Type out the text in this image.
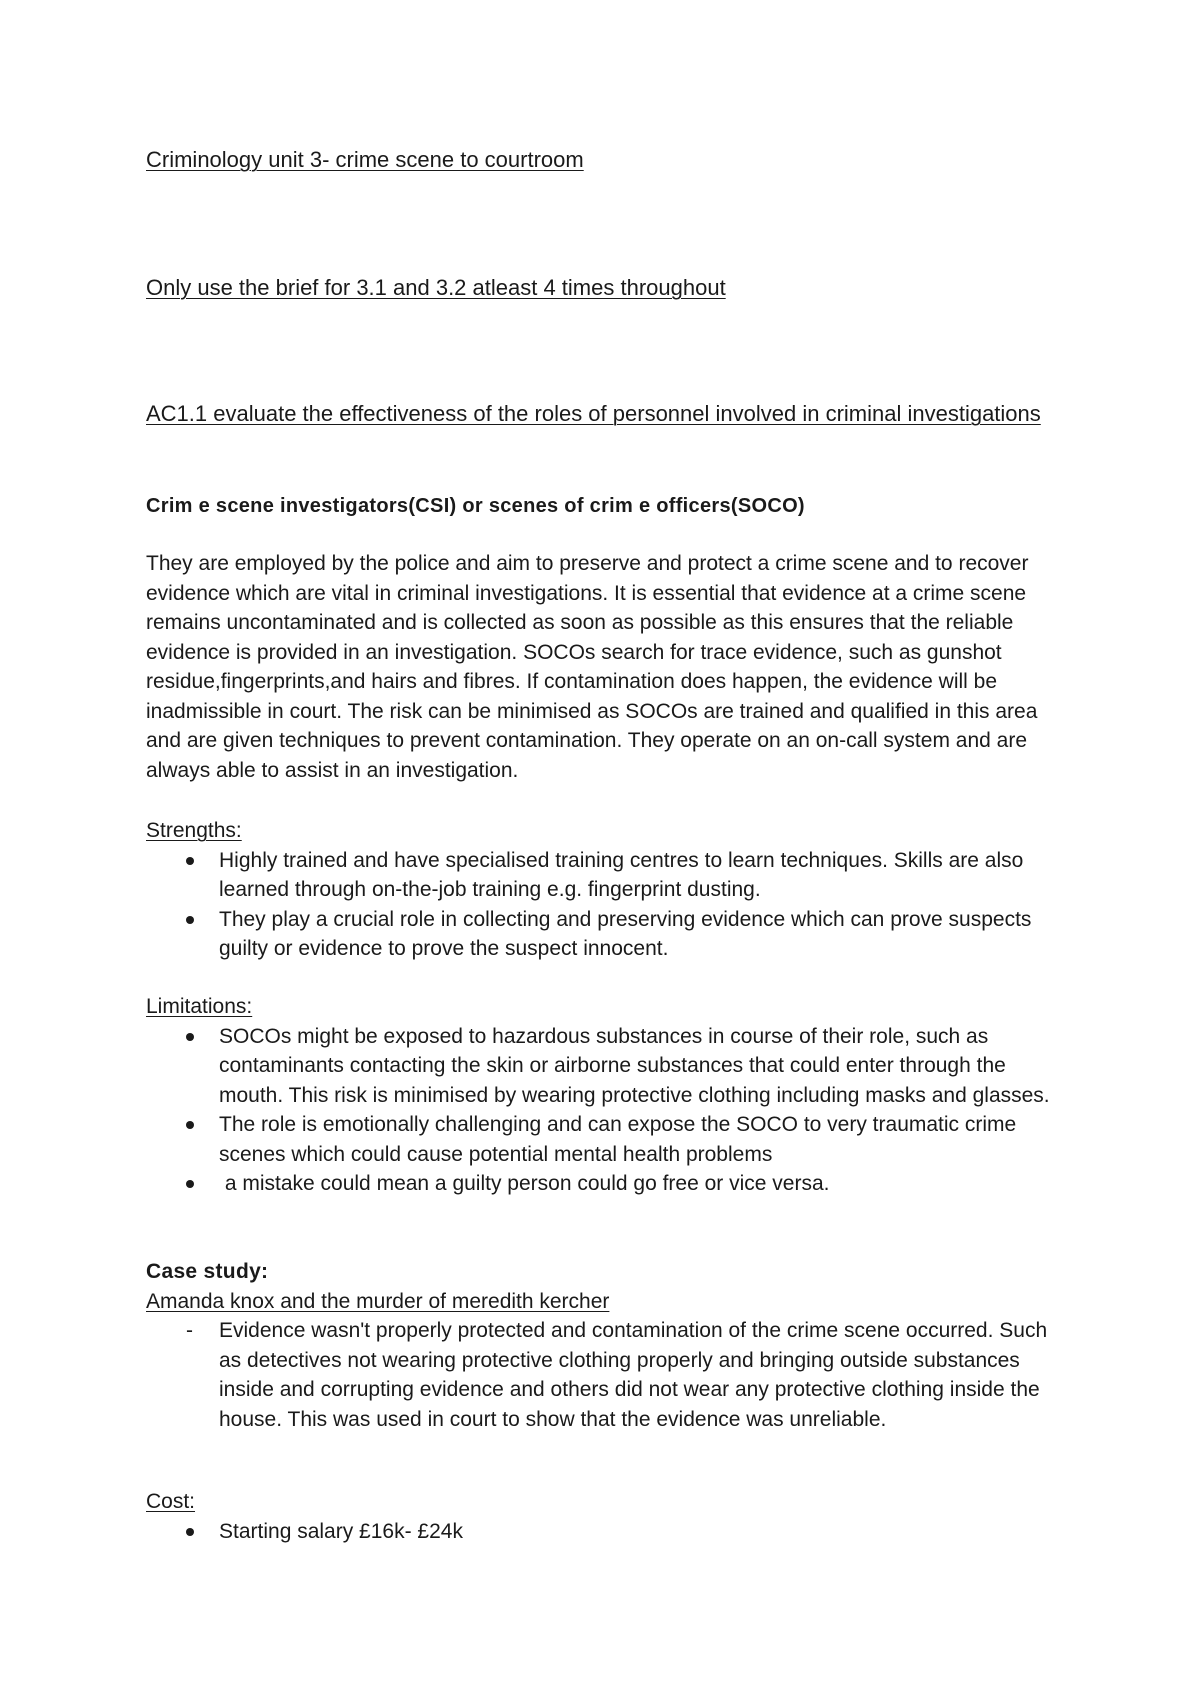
Criminology unit 3- crime scene to courtroom
Only use the brief for 3.1 and 3.2 atleast 4 times throughout
AC1.1 evaluate the effectiveness of the roles of personnel involved in criminal investigations
Crim e scene investigators(CSI) or scenes of crim e officers(SOCO)

They are employed by the police and aim to preserve and protect a crime scene and to recover evidence which are vital in criminal investigations. It is essential that evidence at a crime scene remains uncontaminated and is collected as soon as possible as this ensures that the reliable evidence is provided in an investigation. SOCOs search for trace evidence, such as gunshot residue,fingerprints,and hairs and fibres. If contamination does happen, the evidence will be inadmissible in court. The risk can be minimised as SOCOs are trained and qualified in this area and are given techniques to prevent contamination. They operate on an on-call system and are always able to assist in an investigation.

Strengths:
Highly trained and have specialised training centres to learn techniques. Skills are also learned through on-the-job training e.g. fingerprint dusting.
They play a crucial role in collecting and preserving evidence which can prove suspects guilty or evidence to prove the suspect innocent.
Limitations:
SOCOs might be exposed to hazardous substances in course of their role, such as contaminants contacting the skin or airborne substances that could enter through the mouth. This risk is minimised by wearing protective clothing including masks and glasses.
The role is emotionally challenging and can expose the SOCO to very traumatic crime scenes which could cause potential mental health problems
a mistake could mean a guilty person could go free or vice versa.
Case study:
Amanda knox and the murder of meredith kercher
- Evidence wasn't properly protected and contamination of the crime scene occurred. Such as detectives not wearing protective clothing properly and bringing outside substances inside and corrupting evidence and others did not wear any protective clothing inside the house. This was used in court to show that the evidence was unreliable.
Cost:
Starting salary £16k- £24k
